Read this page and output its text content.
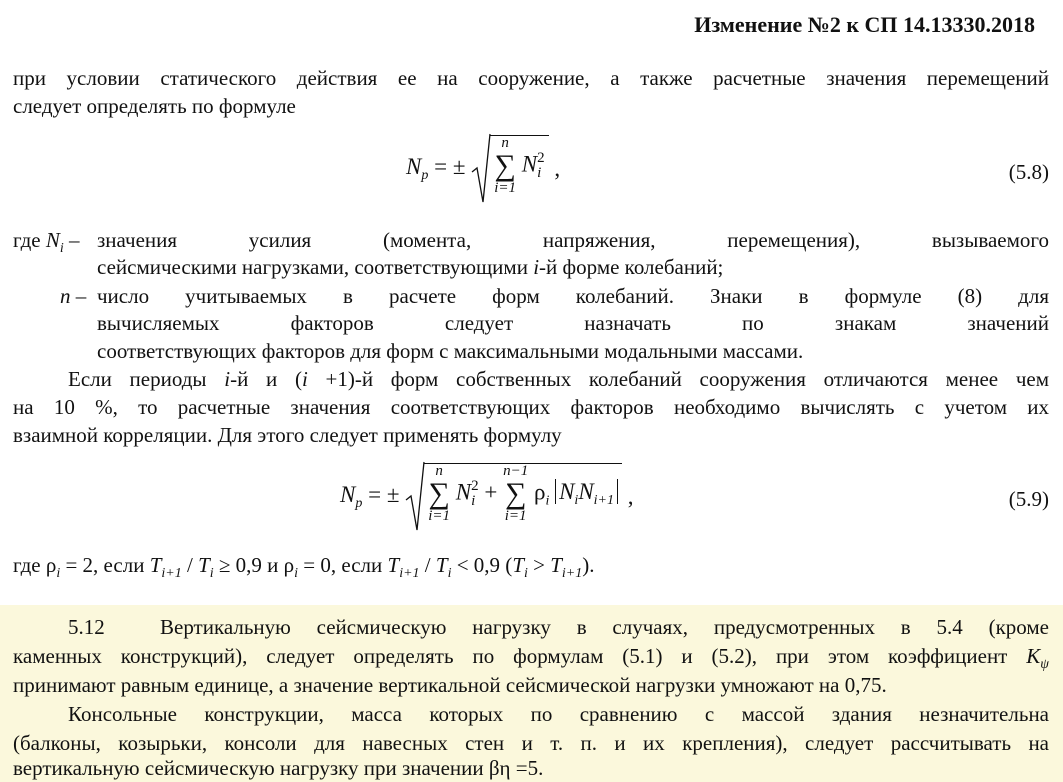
Изменение №2 к СП 14.13330.2018
при условии статического действия ее на сооружение, а также расчетные значения перемещений
следует определять по формуле
$N_p$ = ±
n
∑
i=1
N 2
i ,	(5.8)
где $N_i$ – значения усилия (момента, напряжения, перемещения), вызываемого
сейсмическими нагрузками, соответствующими i-й форме колебаний;
n – число учитываемых в расчете форм колебаний. Знаки в формуле (8) для
вычисляемых факторов следует назначать по знакам значений
соответствующих факторов для форм с максимальными модальными массами.
Если периоды i-й и (i +1)-й форм собственных колебаний сооружения отличаются менее чем
на 10 %, то расчетные значения соответствующих факторов необходимо вычислять с учетом их
взаимной корреляции. Для этого следует применять формулу
$N_p$ = ±
n
∑
i=1
N 2
i +
n−1
∑
i=1
$\rho_i$ $N_iN_{i+1}$ ,	(5.9)
где $\rho_i = 2$, если $T_{i+1} / T_i \ge 0,9$ и $\rho_i = 0$, если $T_{i+1} / T_i < 0,9$ $(T_i > T_{i+1})$.
5.12	Вертикальную сейсмическую нагрузку в случаях, предусмотренных в 5.4 (кроме
каменных конструкций), следует определять по формулам (5.1) и (5.2), при этом коэффициент $K_\psi$
принимают равным единице, а значение вертикальной сейсмической нагрузки умножают на 0,75.
Консольные конструкции, масса которых по сравнению с массой здания незначительна
(балконы, козырьки, консоли для навесных стен и т. п. и их крепления), следует рассчитывать на
вертикальную сейсмическую нагрузку при значении βη =5.
